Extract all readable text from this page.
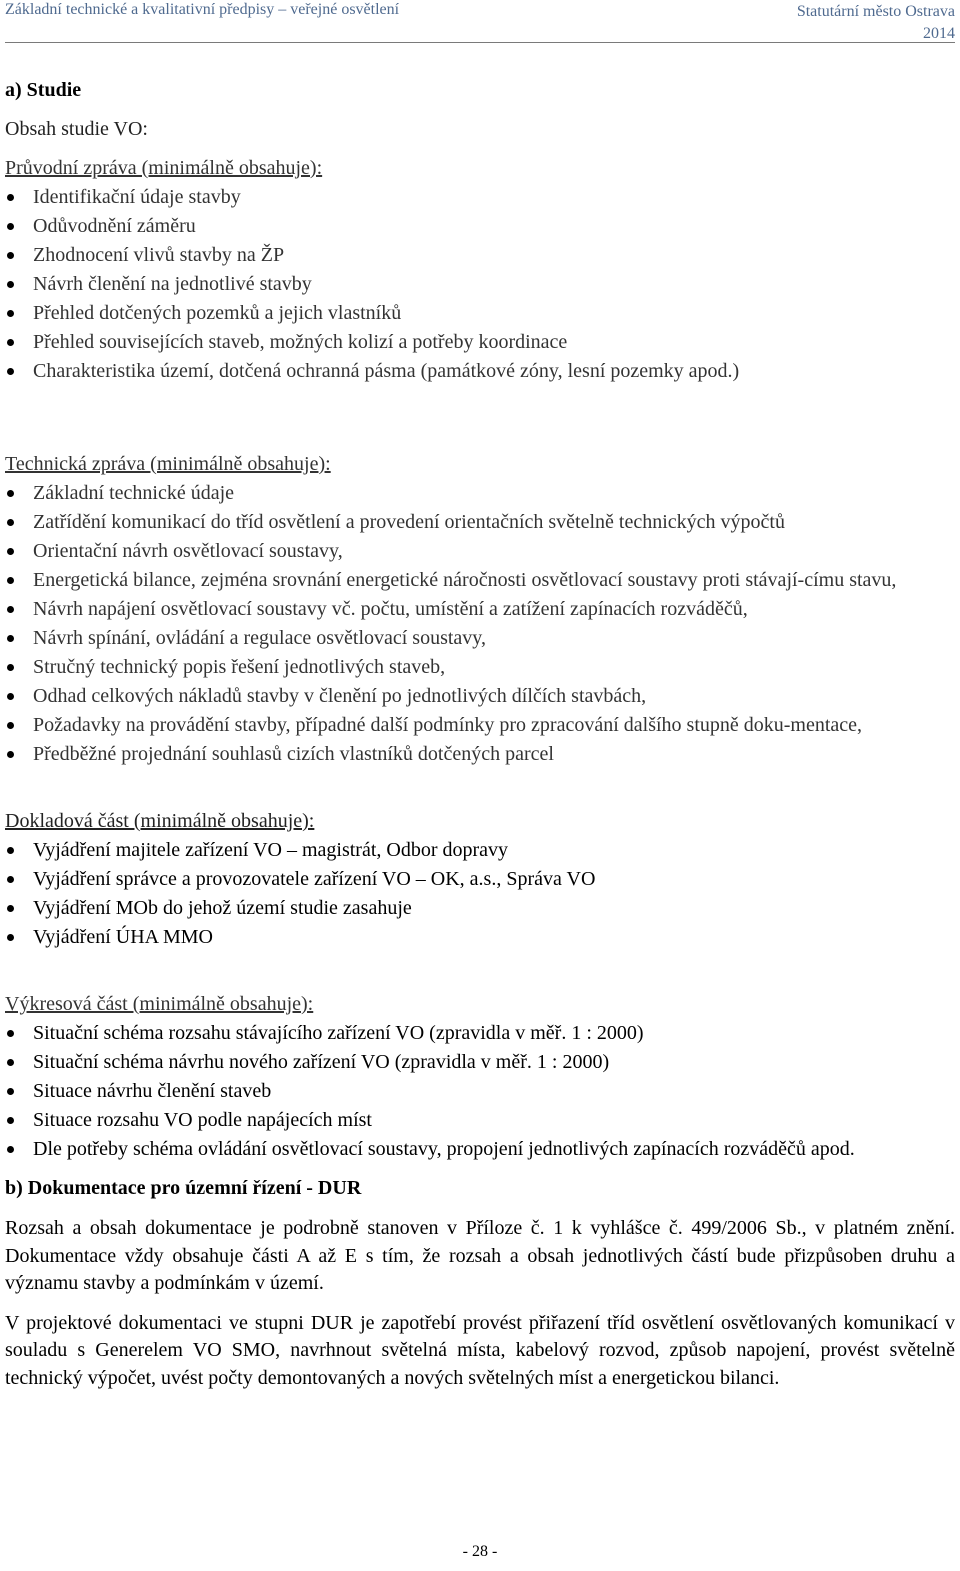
Základní technické a kvalitativní předpisy – veřejné osvětlení	Statutární město Ostrava
2014
a) Studie
Obsah studie VO:
Průvodní zpráva (minimálně obsahuje):
Identifikační údaje stavby
Odůvodnění záměru
Zhodnocení vlivů stavby na ŽP
Návrh členění na jednotlivé stavby
Přehled dotčených pozemků a jejich vlastníků
Přehled souvisejících staveb, možných kolizí a potřeby koordinace
Charakteristika území, dotčená ochranná pásma (památkové zóny, lesní pozemky apod.)
Technická zpráva (minimálně obsahuje):
Základní technické údaje
Zatřídění komunikací do tříd osvětlení a provedení orientačních světelně technických výpočtů
Orientační návrh osvětlovací soustavy,
Energetická bilance, zejména srovnání energetické náročnosti osvětlovací soustavy proti stávají-címu stavu,
Návrh napájení osvětlovací soustavy vč. počtu, umístění a zatížení zapínacích rozváděčů,
Návrh spínání, ovládání a regulace osvětlovací soustavy,
Stručný technický popis řešení jednotlivých staveb,
Odhad celkových nákladů stavby v členění po jednotlivých dílčích stavbách,
Požadavky na provádění stavby, případné další podmínky pro zpracování dalšího stupně doku-mentace,
Předběžné projednání souhlasů cizích vlastníků dotčených parcel
Dokladová část (minimálně obsahuje):
Vyjádření majitele zařízení VO – magistrát, Odbor dopravy
Vyjádření správce a provozovatele zařízení VO – OK, a.s., Správa VO
Vyjádření MOb do jehož území studie zasahuje
Vyjádření ÚHA MMO
Výkresová část (minimálně obsahuje):
Situační schéma rozsahu stávajícího zařízení VO (zpravidla v měř. 1 : 2000)
Situační schéma návrhu nového zařízení VO (zpravidla v měř. 1 : 2000)
Situace návrhu členění staveb
Situace rozsahu VO podle napájecích míst
Dle potřeby schéma ovládání osvětlovací soustavy, propojení jednotlivých zapínacích rozváděčů apod.
b) Dokumentace pro územní řízení - DUR
Rozsah a obsah dokumentace je podrobně stanoven v Příloze č. 1 k vyhlášce č. 499/2006 Sb., v platném znění. Dokumentace vždy obsahuje části A až E s tím, že rozsah a obsah jednotlivých částí bude přizpůsoben druhu a významu stavby a podmínkám v území.
V projektové dokumentaci ve stupni DUR je zapotřebí provést přiřazení tříd osvětlení osvětlovaných komunikací v souladu s Generelem VO SMO, navrhnout světelná místa, kabelový rozvod, způsob napojení, provést světelně technický výpočet, uvést počty demontovaných a nových světelných míst a energetickou bilanci.
- 28 -
